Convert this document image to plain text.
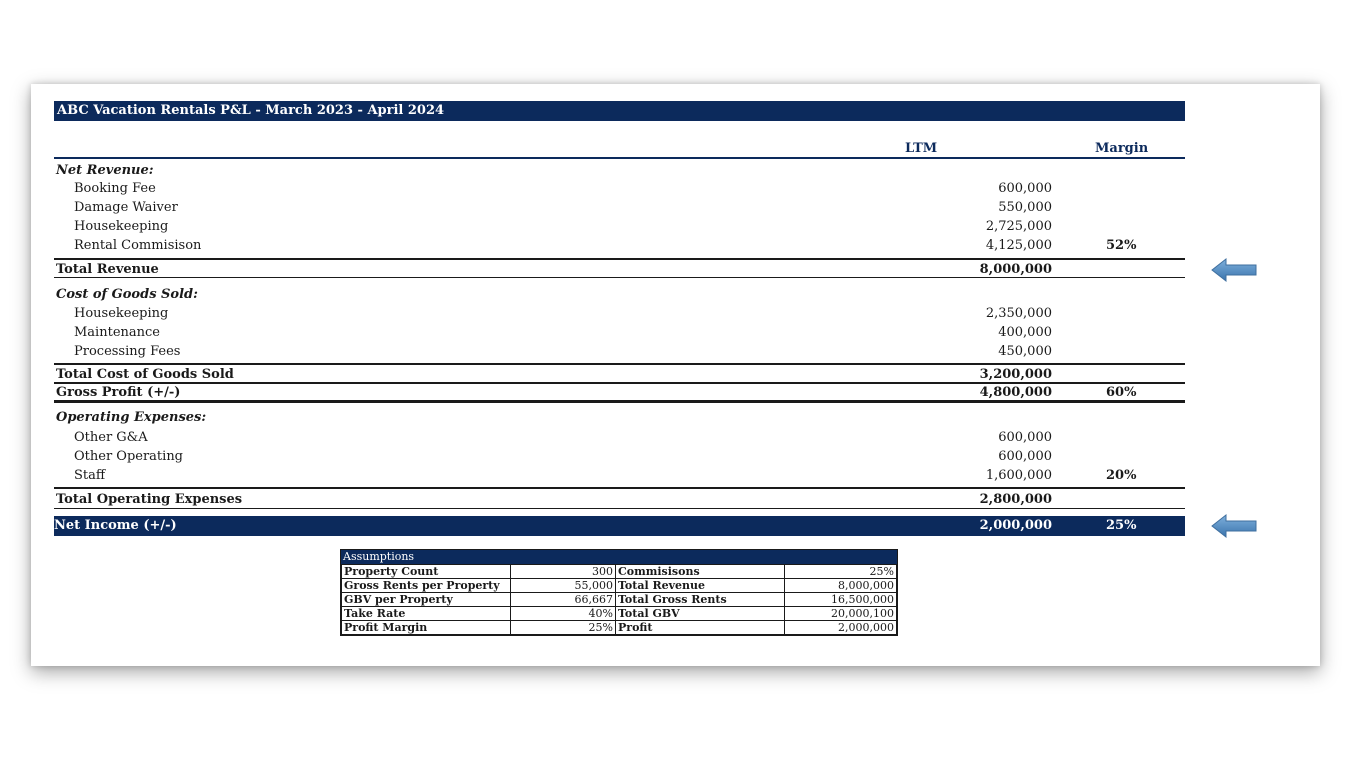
ABC Vacation Rentals P&L - March 2023 - April 2024
LTM	Margin
Net Revenue:
Booking Fee	600,000
Damage Waiver	550,000
Housekeeping	2,725,000
Rental Commisison	4,125,000	52%
Total Revenue	8,000,000
Cost of Goods Sold:
Housekeeping	2,350,000
Maintenance	400,000
Processing Fees	450,000
Total Cost of Goods Sold	3,200,000
Gross Profit (+/-)	4,800,000	60%
Operating Expenses:
Other G&A	600,000
Other Operating	600,000
Staff	1,600,000	20%
Total Operating Expenses	2,800,000
Net Income (+/-)	2,000,000	25%
Assumptions
Property Count	300	Commisisons	25%
Gross Rents per Property	55,000	Total Revenue	8,000,000
GBV per Property	66,667	Total Gross Rents	16,500,000
Take Rate	40%	Total GBV	20,000,100
Profit Margin	25%	Profit	2,000,000
